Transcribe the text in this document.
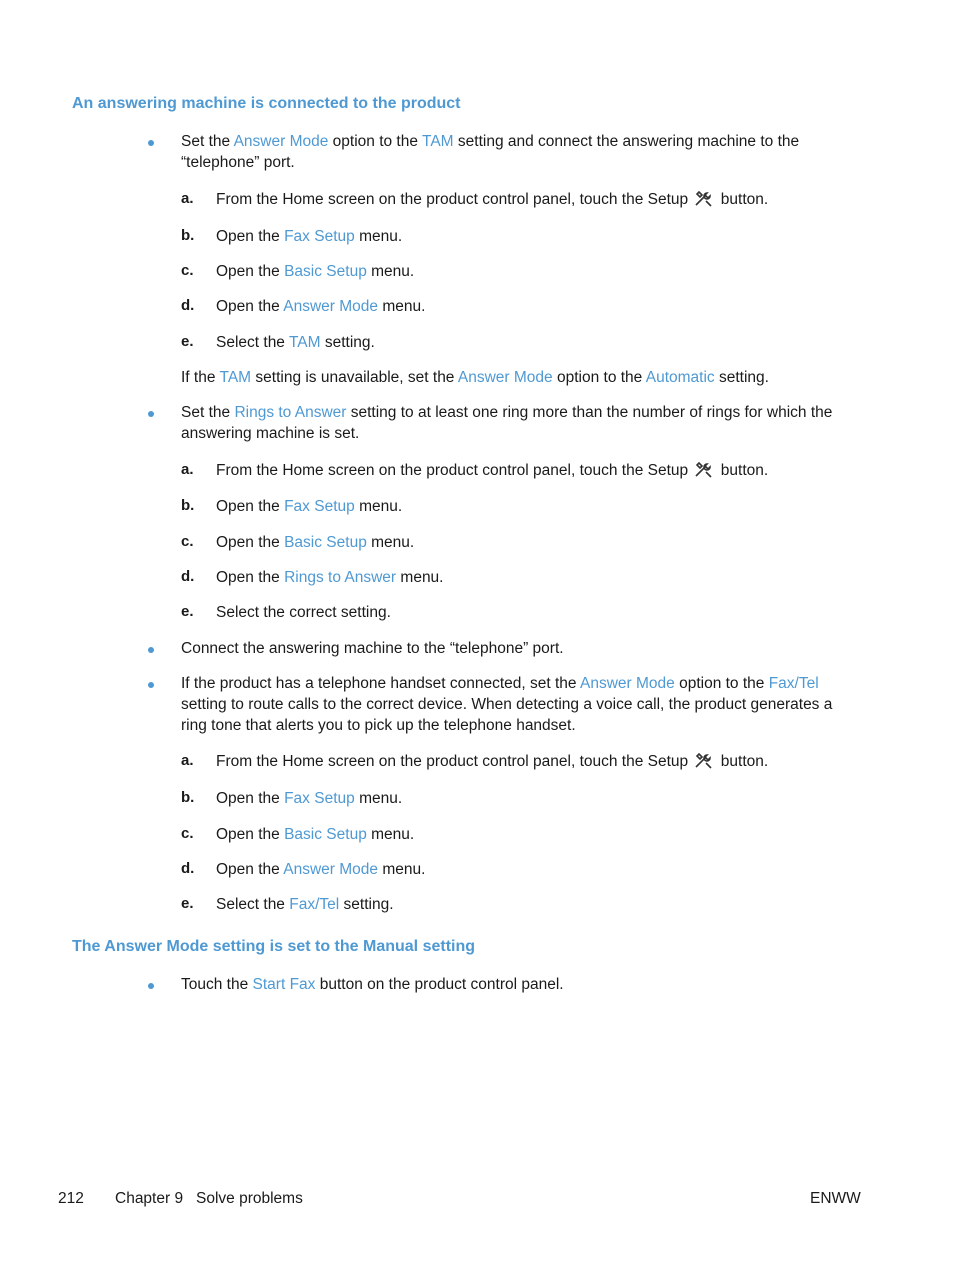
An answering machine is connected to the product
Set the Answer Mode option to the TAM setting and connect the answering machine to the
“telephone” port.
a. From the Home screen on the product control panel, touch the Setup button.
b. Open the Fax Setup menu.
c. Open the Basic Setup menu.
d. Open the Answer Mode menu.
e. Select the TAM setting.
If the TAM setting is unavailable, set the Answer Mode option to the Automatic setting.
Set the Rings to Answer setting to at least one ring more than the number of rings for which the
answering machine is set.
a. From the Home screen on the product control panel, touch the Setup button.
b. Open the Fax Setup menu.
c. Open the Basic Setup menu.
d. Open the Rings to Answer menu.
e. Select the correct setting.
Connect the answering machine to the “telephone” port.
If the product has a telephone handset connected, set the Answer Mode option to the Fax/Tel
setting to route calls to the correct device. When detecting a voice call, the product generates a
ring tone that alerts you to pick up the telephone handset.
a. From the Home screen on the product control panel, touch the Setup button.
b. Open the Fax Setup menu.
c. Open the Basic Setup menu.
d. Open the Answer Mode menu.
e. Select the Fax/Tel setting.
The Answer Mode setting is set to the Manual setting
Touch the Start Fax button on the product control panel.
212 Chapter 9   Solve problems	ENWW
